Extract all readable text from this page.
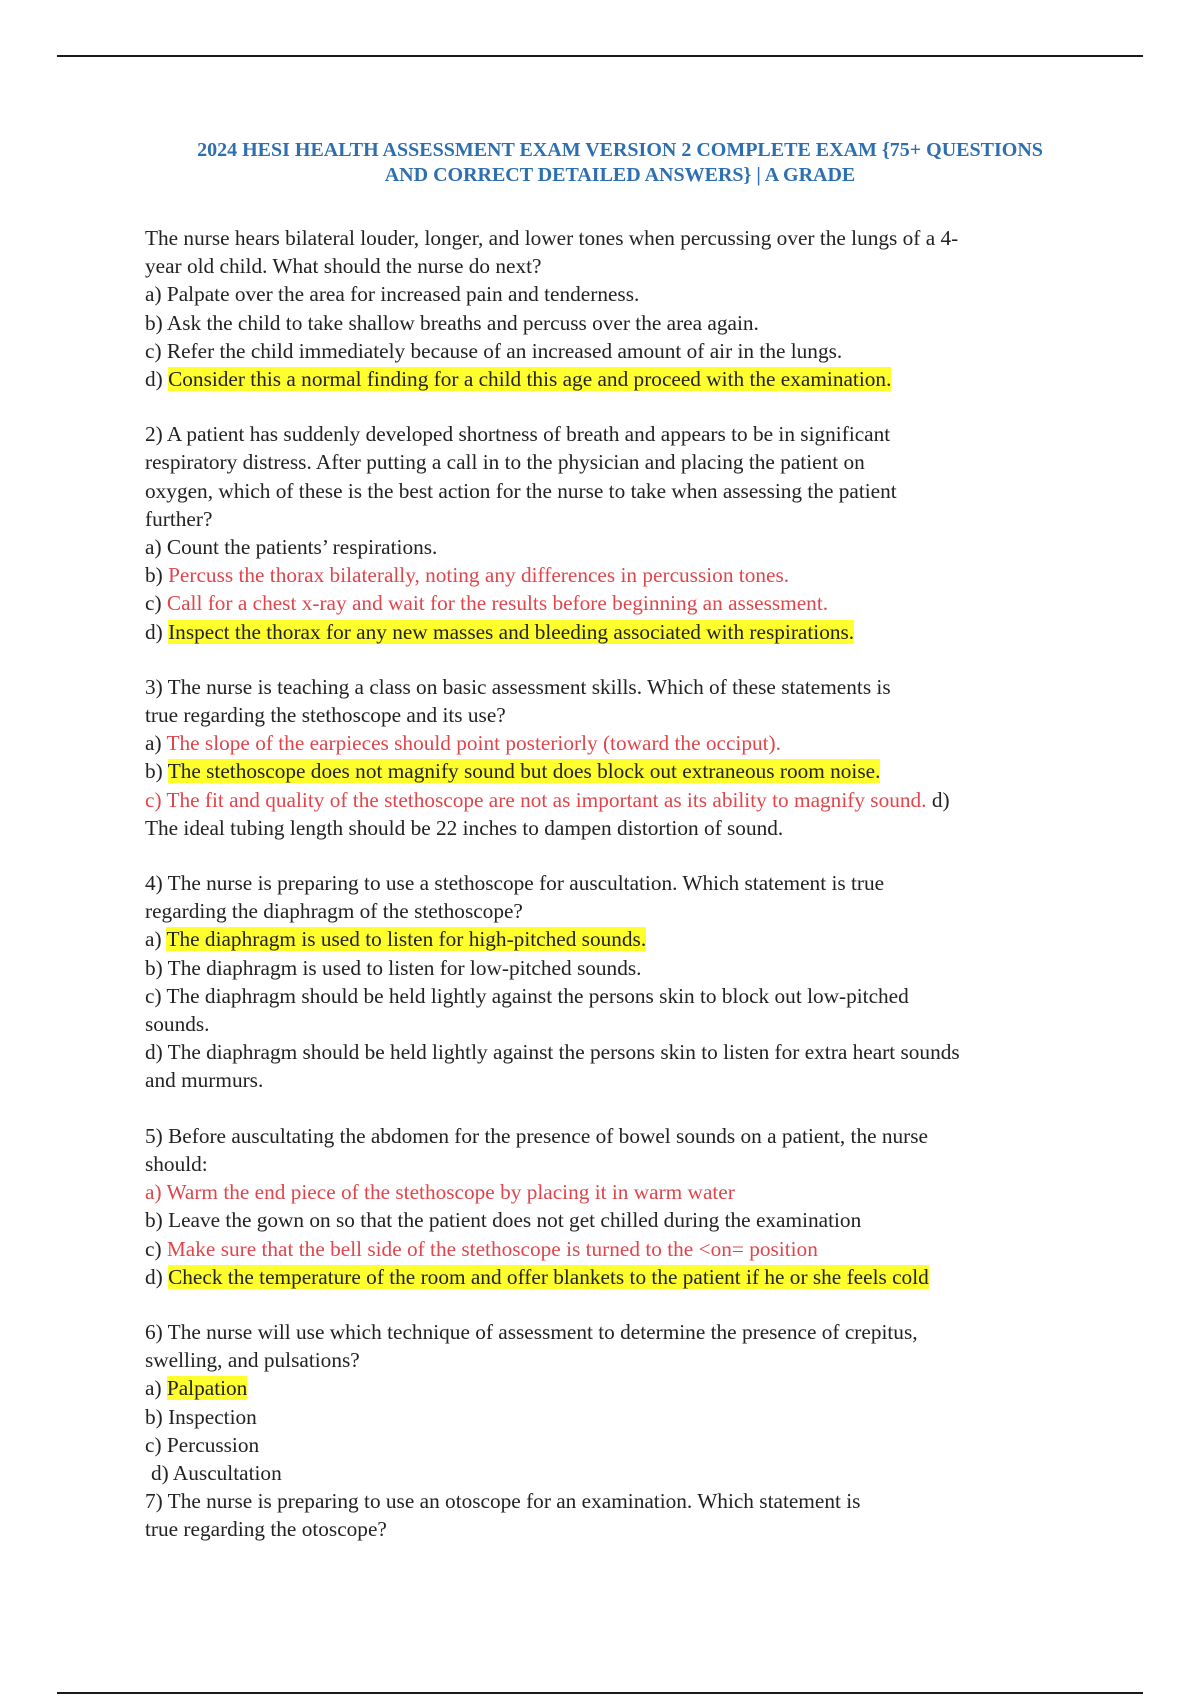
2024 HESI HEALTH ASSESSMENT EXAM VERSION 2 COMPLETE EXAM {75+ QUESTIONS
AND CORRECT DETAILED ANSWERS} | A GRADE

The nurse hears bilateral louder, longer, and lower tones when percussing over the lungs of a 4-

year old child. What should the nurse do next?

a) Palpate over the area for increased pain and tenderness.

b) Ask the child to take shallow breaths and percuss over the area again.

c) Refer the child immediately because of an increased amount of air in the lungs.

d) Consider this a normal finding for a child this age and proceed with the examination.

2) A patient has suddenly developed shortness of breath and appears to be in significant

respiratory distress. After putting a call in to the physician and placing the patient on

oxygen, which of these is the best action for the nurse to take when assessing the patient

further?

a) Count the patients’ respirations.

b) Percuss the thorax bilaterally, noting any differences in percussion tones.

c) Call for a chest x-ray and wait for the results before beginning an assessment.

d) Inspect the thorax for any new masses and bleeding associated with respirations.

3) The nurse is teaching a class on basic assessment skills. Which of these statements is

true regarding the stethoscope and its use?

a) The slope of the earpieces should point posteriorly (toward the occiput).

b) The stethoscope does not magnify sound but does block out extraneous room noise.

c) The fit and quality of the stethoscope are not as important as its ability to magnify sound. d)

The ideal tubing length should be 22 inches to dampen distortion of sound.

4) The nurse is preparing to use a stethoscope for auscultation. Which statement is true

regarding the diaphragm of the stethoscope?

a) The diaphragm is used to listen for high-pitched sounds.

b) The diaphragm is used to listen for low-pitched sounds.

c) The diaphragm should be held lightly against the persons skin to block out low-pitched

sounds.

d) The diaphragm should be held lightly against the persons skin to listen for extra heart sounds

and murmurs.

5) Before auscultating the abdomen for the presence of bowel sounds on a patient, the nurse

should:

a) Warm the end piece of the stethoscope by placing it in warm water

b) Leave the gown on so that the patient does not get chilled during the examination

c) Make sure that the bell side of the stethoscope is turned to the <on= position

d) Check the temperature of the room and offer blankets to the patient if he or she feels cold

6) The nurse will use which technique of assessment to determine the presence of crepitus,

swelling, and pulsations?

a) Palpation

b) Inspection

c) Percussion

d) Auscultation

7) The nurse is preparing to use an otoscope for an examination. Which statement is

true regarding the otoscope?
